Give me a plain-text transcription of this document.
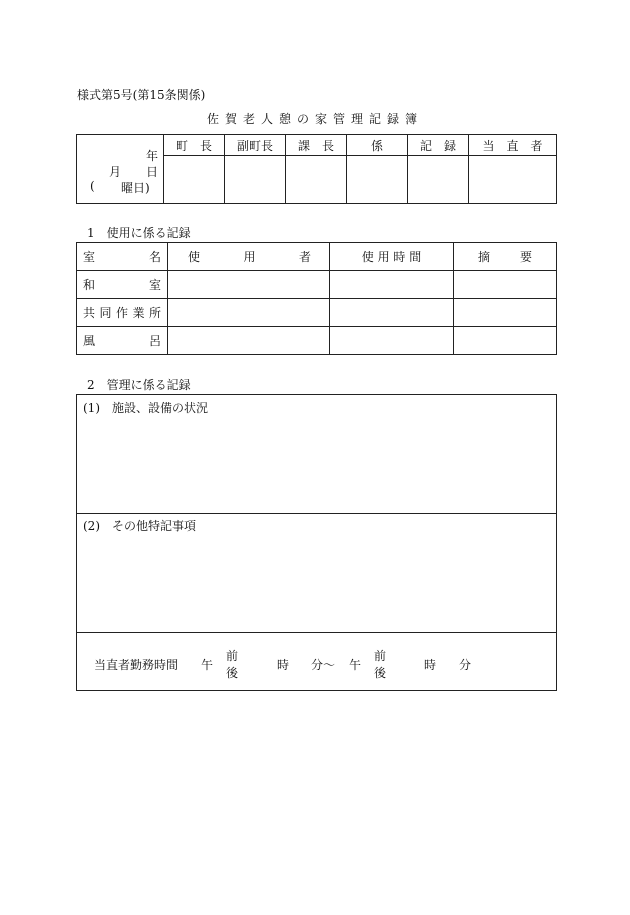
様式第5号(第15条関係)
佐賀老人憩の家管理記録簿
年
月 日
( 曜日)	町　長	副町長	課　長	係	記　録	当　直　者

1　使用に係る記録
室 名	使 用 者	使 用 時 間	摘 要

和 室			

共 同 作 業 所			

風 呂			

2　管理に係る記録
(1)　施設、設備の状況
(2)　その他特記事項
当直者勤務時間 午
前
後
時 分〜 午
前
後
時 分
